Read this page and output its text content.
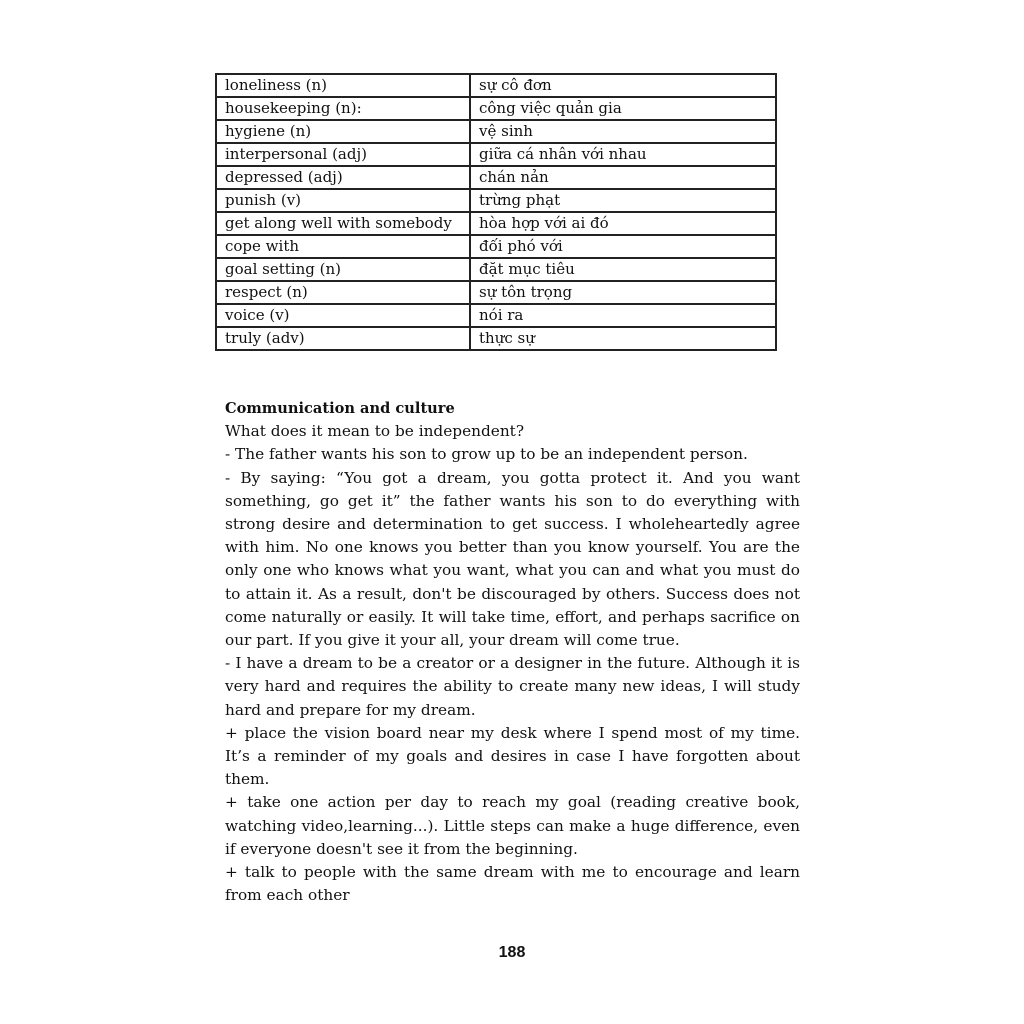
loneliness (n)	sự cô đơn
housekeeping (n):	công việc quản gia
hygiene (n)	vệ sinh
interpersonal (adj)	giữa cá nhân với nhau
depressed (adj)	chán nản
punish (v)	trừng phạt
get along well with somebody	hòa hợp với ai đó
cope with	đối phó với
goal setting (n)	đặt mục tiêu
respect (n)	sự tôn trọng
voice (v)	nói ra
truly (adv)	thực sự
Communication and culture

What does it mean to be independent?

- The father wants his son to grow up to be an independent person.

- By saying: “You got a dream, you gotta protect it. And you want something, go get it” the father wants his son to do everything with strong desire and determination to get success. I wholeheartedly agree with him. No one knows you better than you know yourself. You are the only one who knows what you want, what you can and what you must do to attain it. As a result, don't be discouraged by others. Success does not come naturally or easily. It will take time, effort, and perhaps sacrifice on our part. If you give it your all, your dream will come true.

- I have a dream to be a creator or a designer in the future. Although it is very hard and requires the ability to create many new ideas, I will study hard and prepare for my dream.

+ place the vision board near my desk where I spend most of my time. It’s a reminder of my goals and desires in case I have forgotten about them.

+ take one action per day to reach my goal (reading creative book, watching video,learning...). Little steps can make a huge difference, even if everyone doesn't see it from the beginning.

+ talk to people with the same dream with me to encourage and learn from each other

188
